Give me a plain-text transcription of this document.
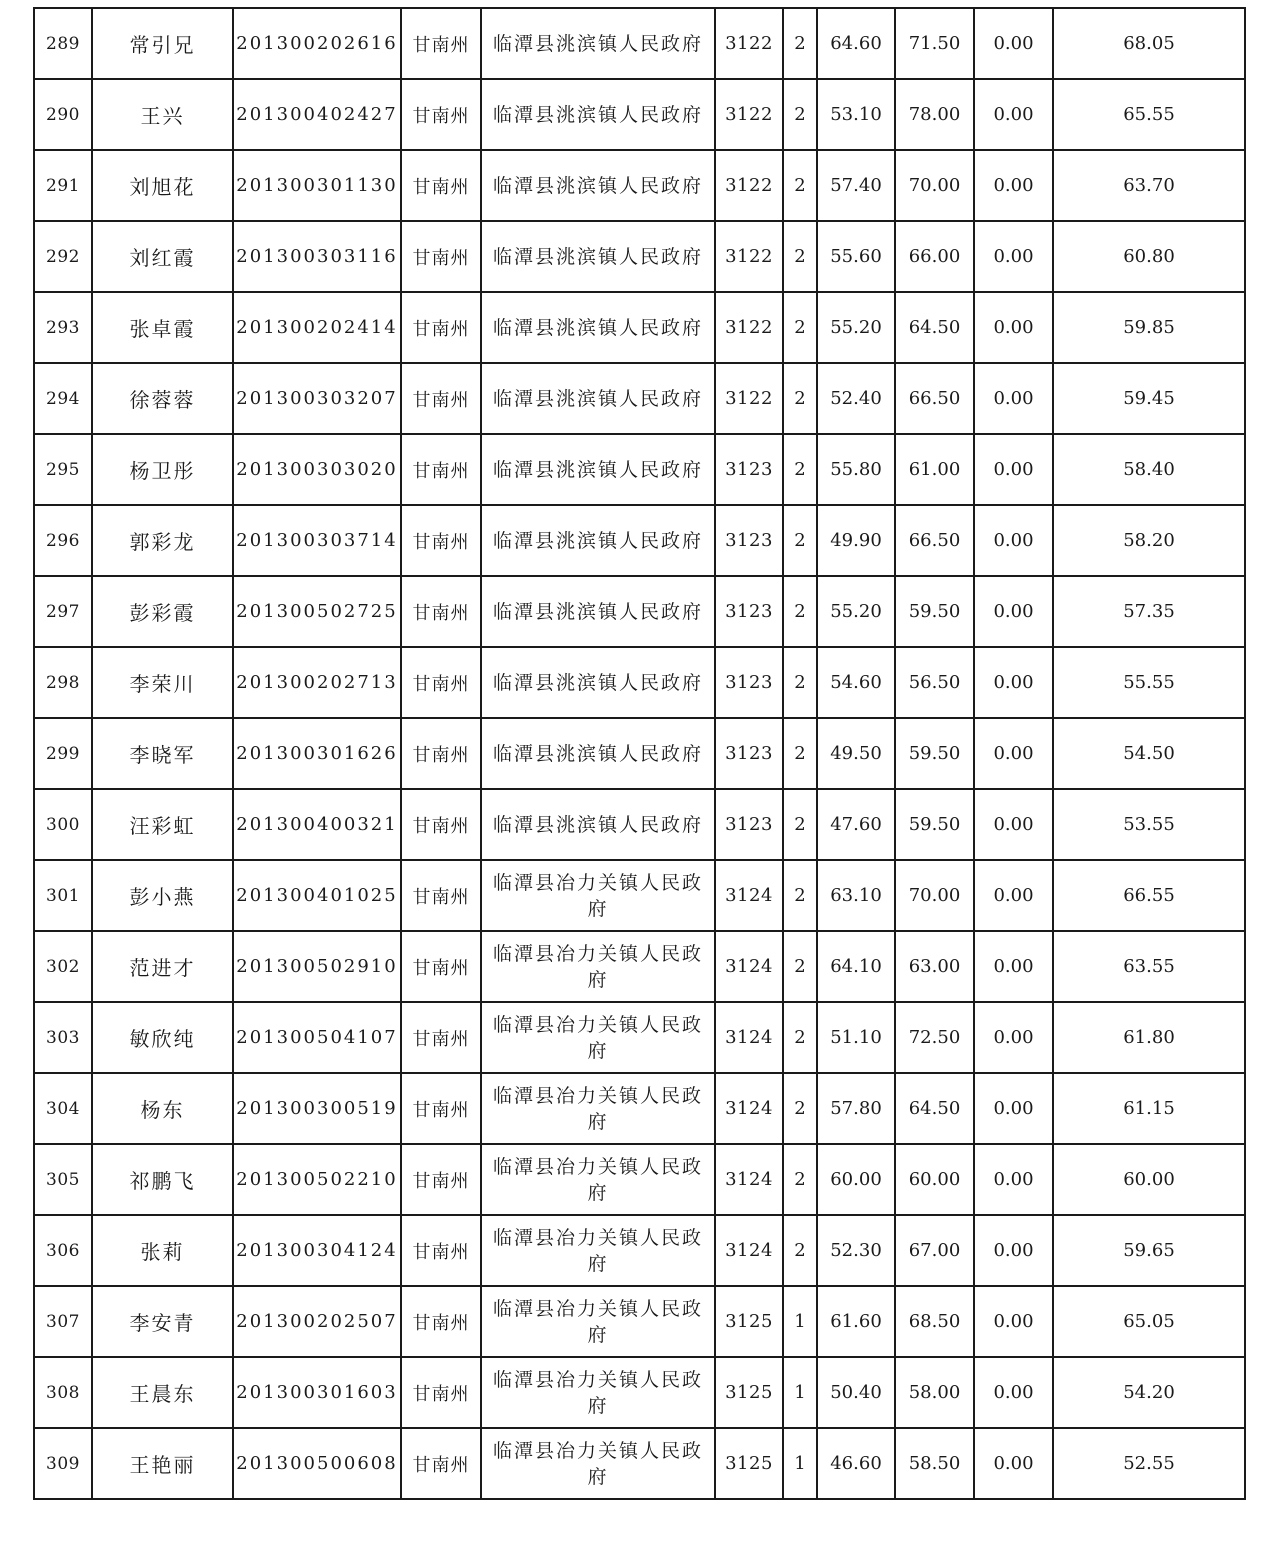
289	常引兄	201300202616	甘南州	临潭县洮滨镇人民政府	3122	2	64.60	71.50	0.00	68.05
290	王兴	201300402427	甘南州	临潭县洮滨镇人民政府	3122	2	53.10	78.00	0.00	65.55
291	刘旭花	201300301130	甘南州	临潭县洮滨镇人民政府	3122	2	57.40	70.00	0.00	63.70
292	刘红霞	201300303116	甘南州	临潭县洮滨镇人民政府	3122	2	55.60	66.00	0.00	60.80
293	张卓霞	201300202414	甘南州	临潭县洮滨镇人民政府	3122	2	55.20	64.50	0.00	59.85
294	徐蓉蓉	201300303207	甘南州	临潭县洮滨镇人民政府	3122	2	52.40	66.50	0.00	59.45
295	杨卫彤	201300303020	甘南州	临潭县洮滨镇人民政府	3123	2	55.80	61.00	0.00	58.40
296	郭彩龙	201300303714	甘南州	临潭县洮滨镇人民政府	3123	2	49.90	66.50	0.00	58.20
297	彭彩霞	201300502725	甘南州	临潭县洮滨镇人民政府	3123	2	55.20	59.50	0.00	57.35
298	李荣川	201300202713	甘南州	临潭县洮滨镇人民政府	3123	2	54.60	56.50	0.00	55.55
299	李晓军	201300301626	甘南州	临潭县洮滨镇人民政府	3123	2	49.50	59.50	0.00	54.50
300	汪彩虹	201300400321	甘南州	临潭县洮滨镇人民政府	3123	2	47.60	59.50	0.00	53.55
301	彭小燕	201300401025	甘南州	临潭县冶力关镇人民政府	3124	2	63.10	70.00	0.00	66.55
302	范进才	201300502910	甘南州	临潭县冶力关镇人民政府	3124	2	64.10	63.00	0.00	63.55
303	敏欣纯	201300504107	甘南州	临潭县冶力关镇人民政府	3124	2	51.10	72.50	0.00	61.80
304	杨东	201300300519	甘南州	临潭县冶力关镇人民政府	3124	2	57.80	64.50	0.00	61.15
305	祁鹏飞	201300502210	甘南州	临潭县冶力关镇人民政府	3124	2	60.00	60.00	0.00	60.00
306	张莉	201300304124	甘南州	临潭县冶力关镇人民政府	3124	2	52.30	67.00	0.00	59.65
307	李安青	201300202507	甘南州	临潭县冶力关镇人民政府	3125	1	61.60	68.50	0.00	65.05
308	王晨东	201300301603	甘南州	临潭县冶力关镇人民政府	3125	1	50.40	58.00	0.00	54.20
309	王艳丽	201300500608	甘南州	临潭县冶力关镇人民政府	3125	1	46.60	58.50	0.00	52.55
